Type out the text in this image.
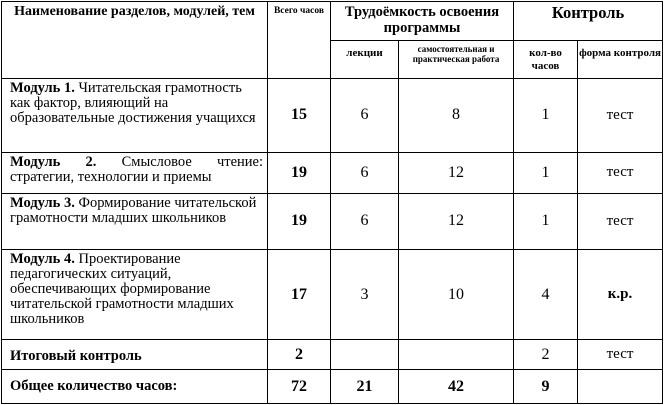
Наименование разделов, модулей, тем	Всего часов	Трудоёмкость освоения программы		Контроль	
		лекции	самостоятельная и практическая работа	кол-во часов	форма контроля
Модуль 1. Читательская грамотность как фактор, влияющий на образовательные достижения учащихся	15	6	8	1	тест
Модуль 2. Смысловое чтение: стратегии, технологии и приемы	19	6	12	1	тест
Модуль 3. Формирование читательской грамотности младших школьников	19	6	12	1	тест
Модуль 4. Проектирование педагогических ситуаций, обеспечивающих формирование читательской грамотности младших школьников	17	3	10	4	к.р.
Итоговый контроль	2			2	тест
Общее количество часов:	72	21	42	9	
